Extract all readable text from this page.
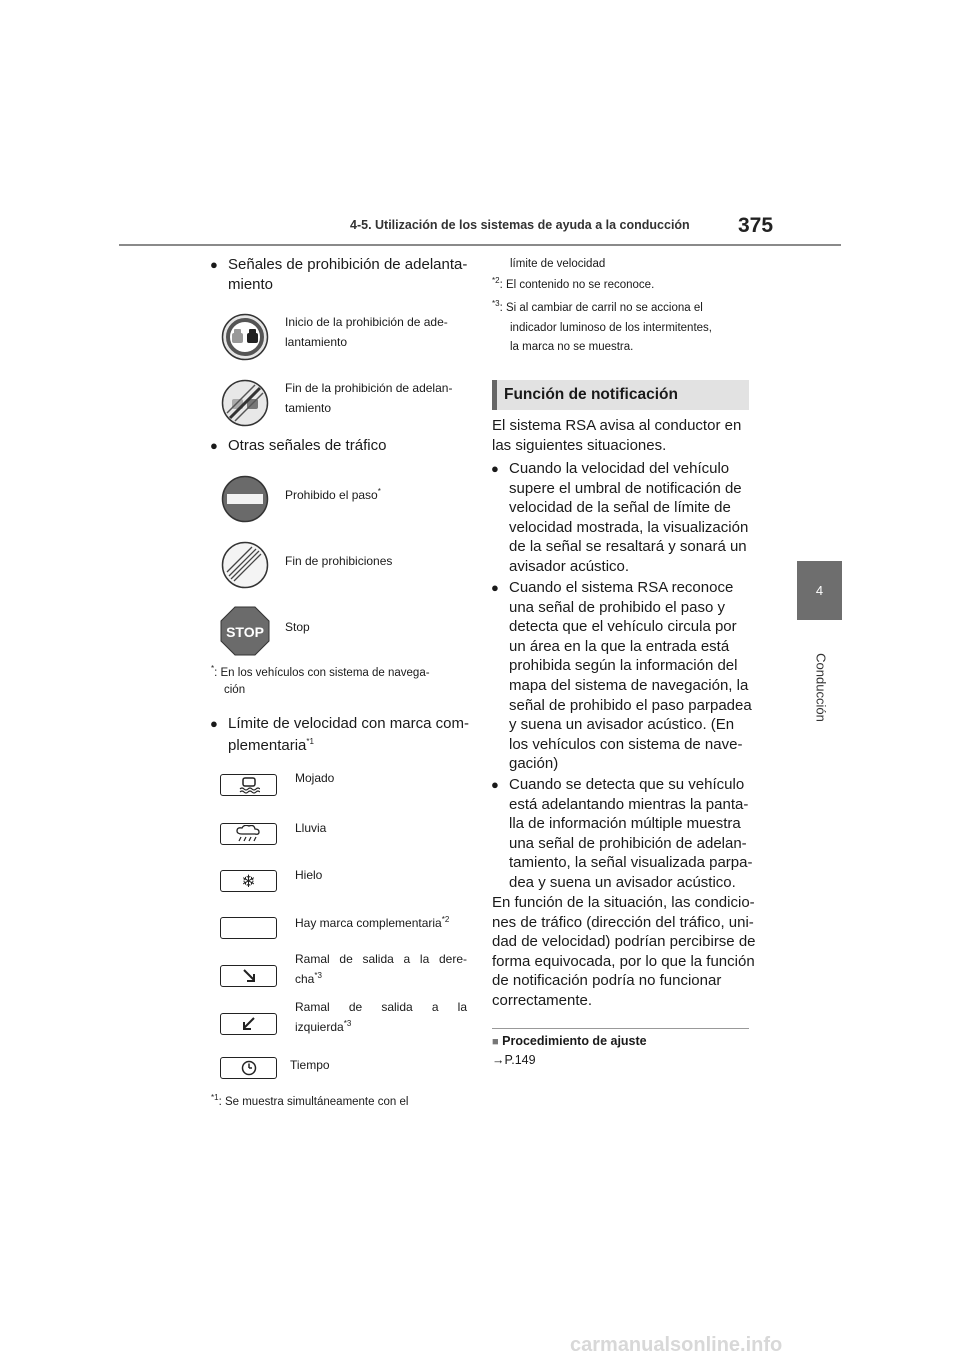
4-5. Utilización de los sistemas de ayuda a la conducción 375
4
Conducción
● Señales de prohibición de adelanta-
miento
Inicio de la prohibición de ade-
lantamiento
Fin de la prohibición de adelan-
tamiento
● Otras señales de tráfico
Prohibido el paso*
Fin de prohibiciones
STOP Stop
*: En los vehículos con sistema de navega-
ción
● Límite de velocidad con marca com-
plementaria$^{*1}$
Mojado
Lluvia
❄	Hielo
Hay marca complementaria$^{*2}$
Ramal de salida a la dere-
cha$^{*3}$
Ramal de salida a la
izquierda$^{*3}$
Tiempo
$^{*1}$: Se muestra simultáneamente con el
límite de velocidad
$^{*2}$: El contenido no se reconoce.
$^{*3}$: Si al cambiar de carril no se acciona el
indicador luminoso de los intermitentes,
la marca no se muestra.
Función de notificación
El sistema RSA avisa al conductor en
las siguientes situaciones.
● Cuando la velocidad del vehículo
supere el umbral de notificación de
velocidad de la señal de límite de
velocidad mostrada, la visualización
de la señal se resaltará y sonará un
avisador acústico.
● Cuando el sistema RSA reconoce
una señal de prohibido el paso y
detecta que el vehículo circula por
un área en la que la entrada está
prohibida según la información del
mapa del sistema de navegación, la
señal de prohibido el paso parpadea
y suena un avisador acústico. (En
los vehículos con sistema de nave-
gación)
● Cuando se detecta que su vehículo
está adelantando mientras la panta-
lla de información múltiple muestra
una señal de prohibición de adelan-
tamiento, la señal visualizada parpa-
dea y suena un avisador acústico.
En función de la situación, las condicio-
nes de tráfico (dirección del tráfico, uni-
dad de velocidad) podrían percibirse de
forma equivocada, por lo que la función
de notificación podría no funcionar
correctamente.
■ Procedimiento de ajuste
→P.149
carmanualsonline.info
